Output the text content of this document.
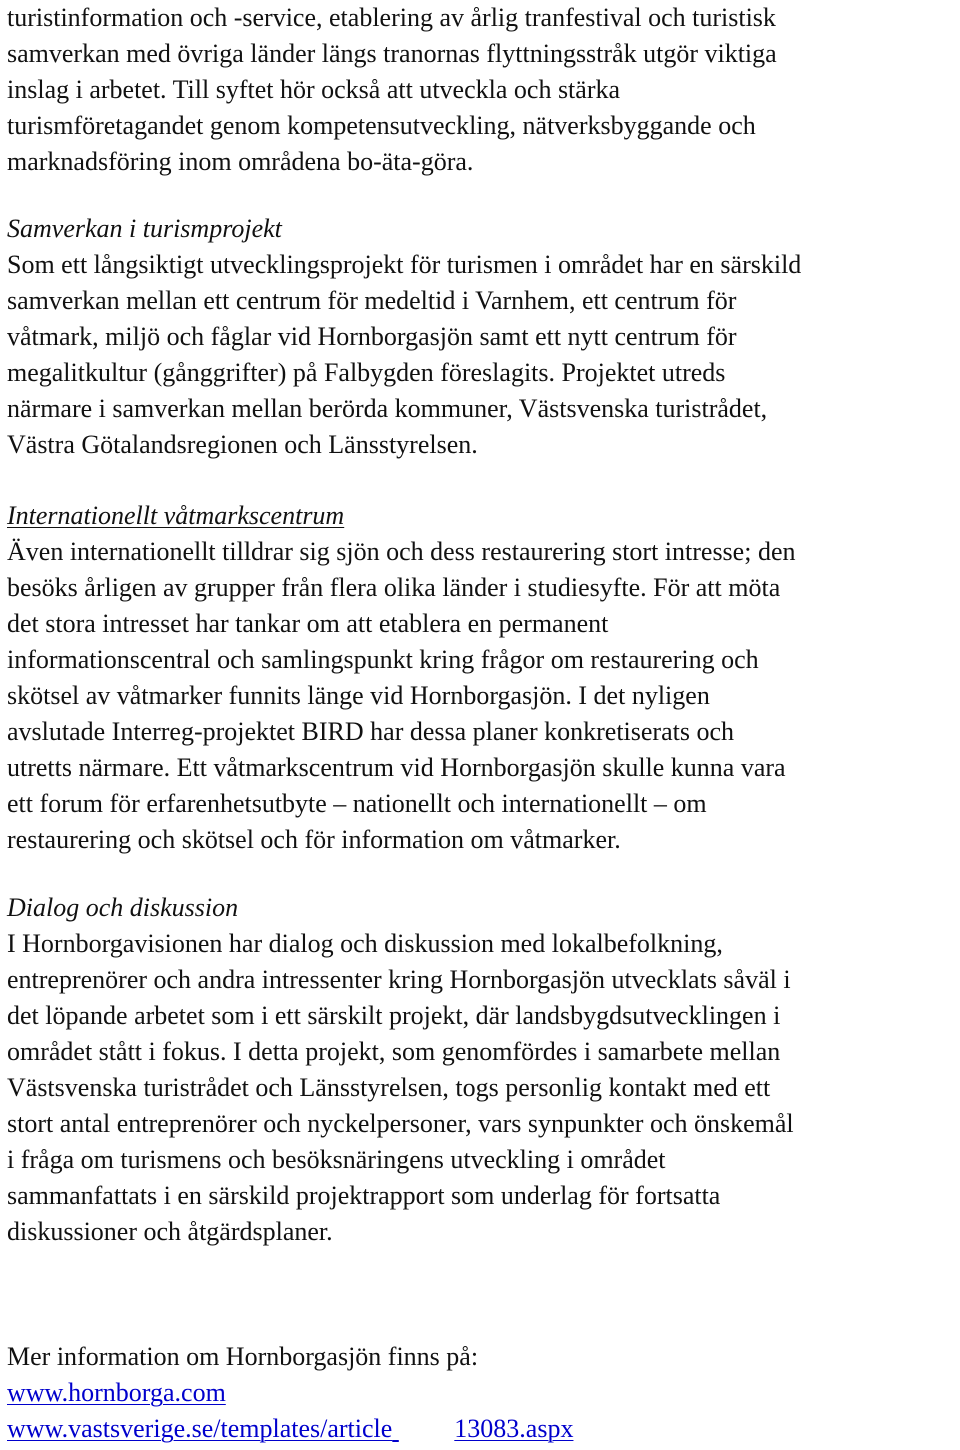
turistinformation och -service, etablering av årlig tranfestival och turistisk
samverkan med övriga länder längs tranornas flyttningsstråk utgör viktiga
inslag i arbetet. Till syftet hör också att utveckla och stärka
turismföretagandet genom kompetensutveckling, nätverksbyggande och
marknadsföring inom områdena bo-äta-göra.
Samverkan i turismprojekt
Som ett långsiktigt utvecklingsprojekt för turismen i området har en särskild
samverkan mellan ett centrum för medeltid i Varnhem, ett centrum för
våtmark, miljö och fåglar vid Hornborgasjön samt ett nytt centrum för
megalitkultur (gånggrifter) på Falbygden föreslagits. Projektet utreds
närmare i samverkan mellan berörda kommuner, Västsvenska turistrådet,
Västra Götalandsregionen och Länsstyrelsen.
Internationellt våtmarkscentrum
Även internationellt tilldrar sig sjön och dess restaurering stort intresse; den
besöks årligen av grupper från flera olika länder i studiesyfte. För att möta
det stora intresset har tankar om att etablera en permanent
informationscentral och samlingspunkt kring frågor om restaurering och
skötsel av våtmarker funnits länge vid Hornborgasjön. I det nyligen
avslutade Interreg-projektet BIRD har dessa planer konkretiserats och
utretts närmare. Ett våtmarkscentrum vid Hornborgasjön skulle kunna vara
ett forum för erfarenhetsutbyte – nationellt och internationellt – om
restaurering och skötsel och för information om våtmarker.
Dialog och diskussion
I Hornborgavisionen har dialog och diskussion med lokalbefolkning,
entreprenörer och andra intressenter kring Hornborgasjön utvecklats såväl i
det löpande arbetet som i ett särskilt projekt, där landsbygdsutvecklingen i
området stått i fokus. I detta projekt, som genomfördes i samarbete mellan
Västsvenska turistrådet och Länsstyrelsen, togs personlig kontakt med ett
stort antal entreprenörer och nyckelpersoner, vars synpunkter och önskemål
i fråga om turismens och besöksnäringens utveckling i området
sammanfattats i en särskild projektrapport som underlag för fortsatta
diskussioner och åtgärdsplaner.
Mer information om Hornborgasjön finns på:
www.hornborga.com
www.vastsverige.se/templates/article 13083.aspx
